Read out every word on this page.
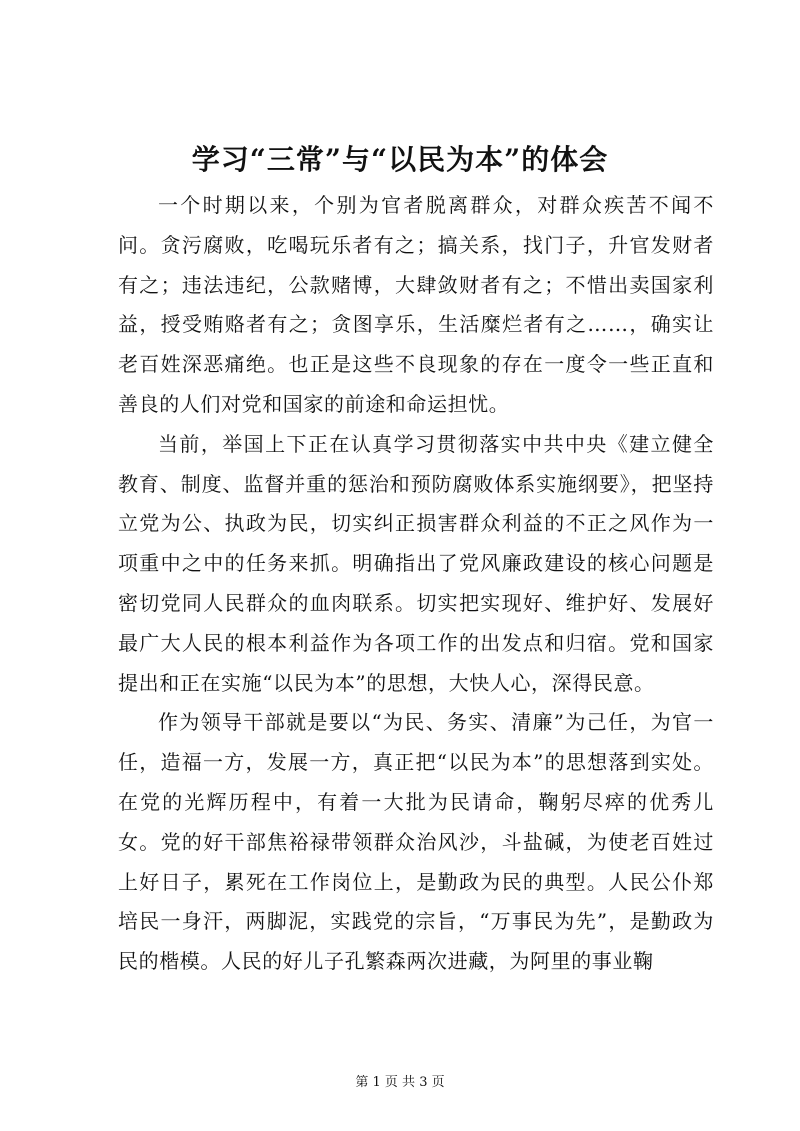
学习“三常”与“以民为本”的体会

一个时期以来，个别为官者脱离群众，对群众疾苦不闻不问。贪污腐败，吃喝玩乐者有之；搞关系，找门子，升官发财者有之；违法违纪，公款赌博，大肆敛财者有之；不惜出卖国家利益，授受贿赂者有之；贪图享乐，生活糜烂者有之……，确实让老百姓深恶痛绝。也正是这些不良现象的存在一度令一些正直和善良的人们对党和国家的前途和命运担忧。

当前，举国上下正在认真学习贯彻落实中共中央《建立健全教育、制度、监督并重的惩治和预防腐败体系实施纲要》，把坚持立党为公、执政为民，切实纠正损害群众利益的不正之风作为一项重中之中的任务来抓。明确指出了党风廉政建设的核心问题是密切党同人民群众的血肉联系。切实把实现好、维护好、发展好最广大人民的根本利益作为各项工作的出发点和归宿。党和国家提出和正在实施“以民为本”的思想，大快人心，深得民意。

作为领导干部就是要以“为民、务实、清廉”为己任，为官一任，造福一方，发展一方，真正把“以民为本”的思想落到实处。在党的光辉历程中，有着一大批为民请命，鞠躬尽瘁的优秀儿女。党的好干部焦裕禄带领群众治风沙，斗盐碱，为使老百姓过上好日子，累死在工作岗位上，是勤政为民的典型。人民公仆郑培民一身汗，两脚泥，实践党的宗旨，“万事民为先”，是勤政为民的楷模。人民的好儿子孔繁森两次进藏，为阿里的事业鞠

第 1 页 共 3 页
